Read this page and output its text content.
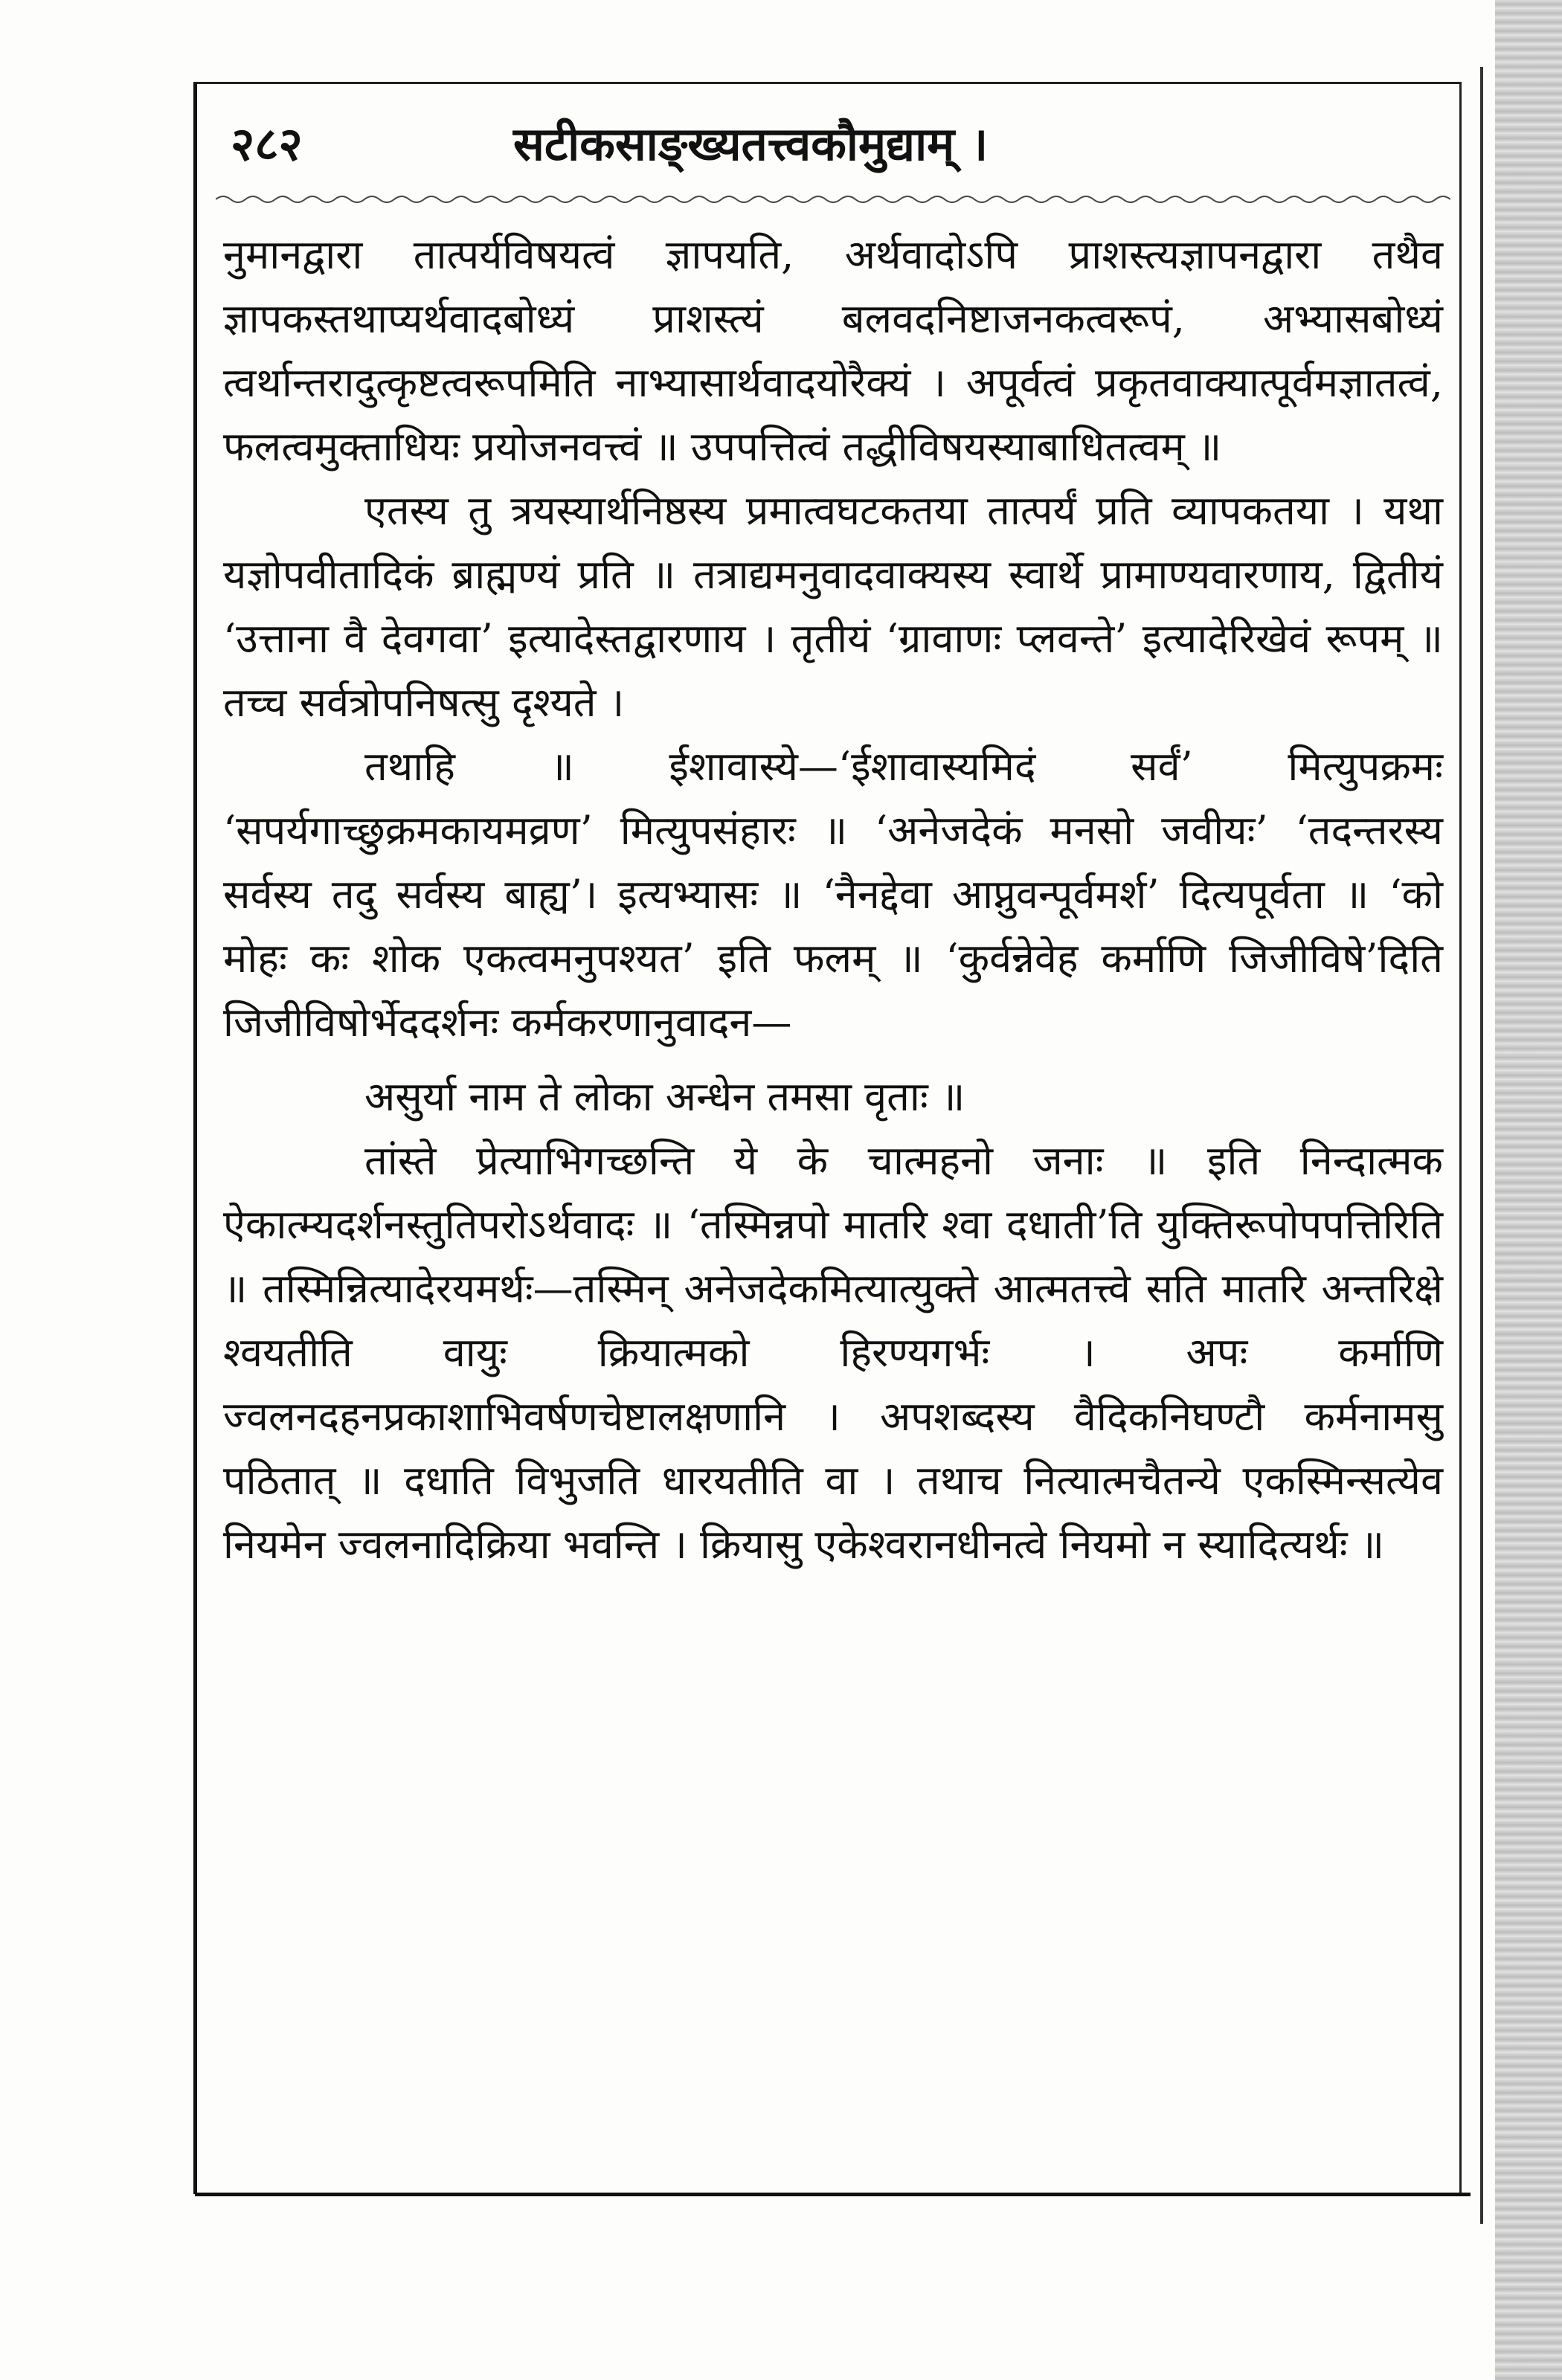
२८२	सटीकसाङ्ख्यतत्त्वकौमुद्याम् ।

नुमानद्वारा तात्पर्यविषयत्वं ज्ञापयति, अर्थवादोऽपि प्राशस्त्यज्ञापनद्वारा तथैव ज्ञापकस्तथाप्यर्थवादबोध्यं प्राशस्त्यं बलवदनिष्टाजनकत्वरूपं, अभ्यासबोध्यं त्वर्थान्तरादुत्कृष्टत्वरूपमिति नाभ्यासार्थवादयोरैक्यं । अपूर्वत्वं प्रकृतवाक्यात्पूर्वमज्ञातत्वं, फलत्वमुक्ताधियः प्रयोजनवत्त्वं ॥ उपपत्तित्वं तद्धीविषयस्याबाधितत्वम् ॥

एतस्य तु त्रयस्यार्थनिष्ठस्य प्रमात्वघटकतया तात्पर्यं प्रति व्यापकतया । यथा यज्ञोपवीतादिकं ब्राह्मण्यं प्रति ॥ तत्राद्यमनुवादवाक्यस्य स्वार्थे प्रामाण्यवारणाय, द्वितीयं ‘उत्ताना वै देवगवा’ इत्यादेस्तद्वारणाय । तृतीयं ‘ग्रावाणः प्लवन्ते’ इत्यादेरिखेवं रूपम् ॥ तच्च सर्वत्रोपनिषत्सु दृश्यते ।

तथाहि ॥ ईशावास्ये—‘ईशावास्यमिदं सर्वं’ मित्युपक्रमः ‘सपर्यगाच्छुक्रमकायमव्रण’ मित्युपसंहारः ॥ ‘अनेजदेकं मनसो जवीयः’ ‘तदन्तरस्य सर्वस्य तदु सर्वस्य बाह्य’। इत्यभ्यासः ॥ ‘नैनद्देवा आप्नुवन्पूर्वमर्श’ दित्यपूर्वता ॥ ‘को मोहः कः शोक एकत्वमनुपश्यत’ इति फलम् ॥ ‘कुर्वन्नेवेह कर्माणि जिजीविषे’दिति जिजीविषोर्भेददर्शनः कर्मकरणानुवादन—

असुर्या नाम ते लोका अन्धेन तमसा वृताः ॥

तांस्ते प्रेत्याभिगच्छन्ति ये के चात्महनो जनाः ॥ इति निन्दात्मक ऐकात्म्यदर्शनस्तुतिपरोऽर्थवादः ॥ ‘तस्मिन्नपो मातरि श्वा दधाती’ति युक्तिरूपोपपत्तिरिति ॥ तस्मिन्नित्यादेरयमर्थः—तस्मिन् अनेजदेकमित्यात्युक्ते आत्मतत्त्वे सति मातरि अन्तरिक्षे श्वयतीति वायुः क्रियात्मको हिरण्यगर्भः । अपः कर्माणि ज्वलनदहनप्रकाशाभिवर्षणचेष्टालक्षणानि । अपशब्दस्य वैदिकनिघण्टौ कर्मनामसु पठितात् ॥ दधाति विभुजति धारयतीति वा । तथाच नित्यात्मचैतन्ये एकस्मिन्सत्येव नियमेन ज्वलनादिक्रिया भवन्ति । क्रियासु एकेश्वरानधीनत्वे नियमो न स्यादित्यर्थः ॥
